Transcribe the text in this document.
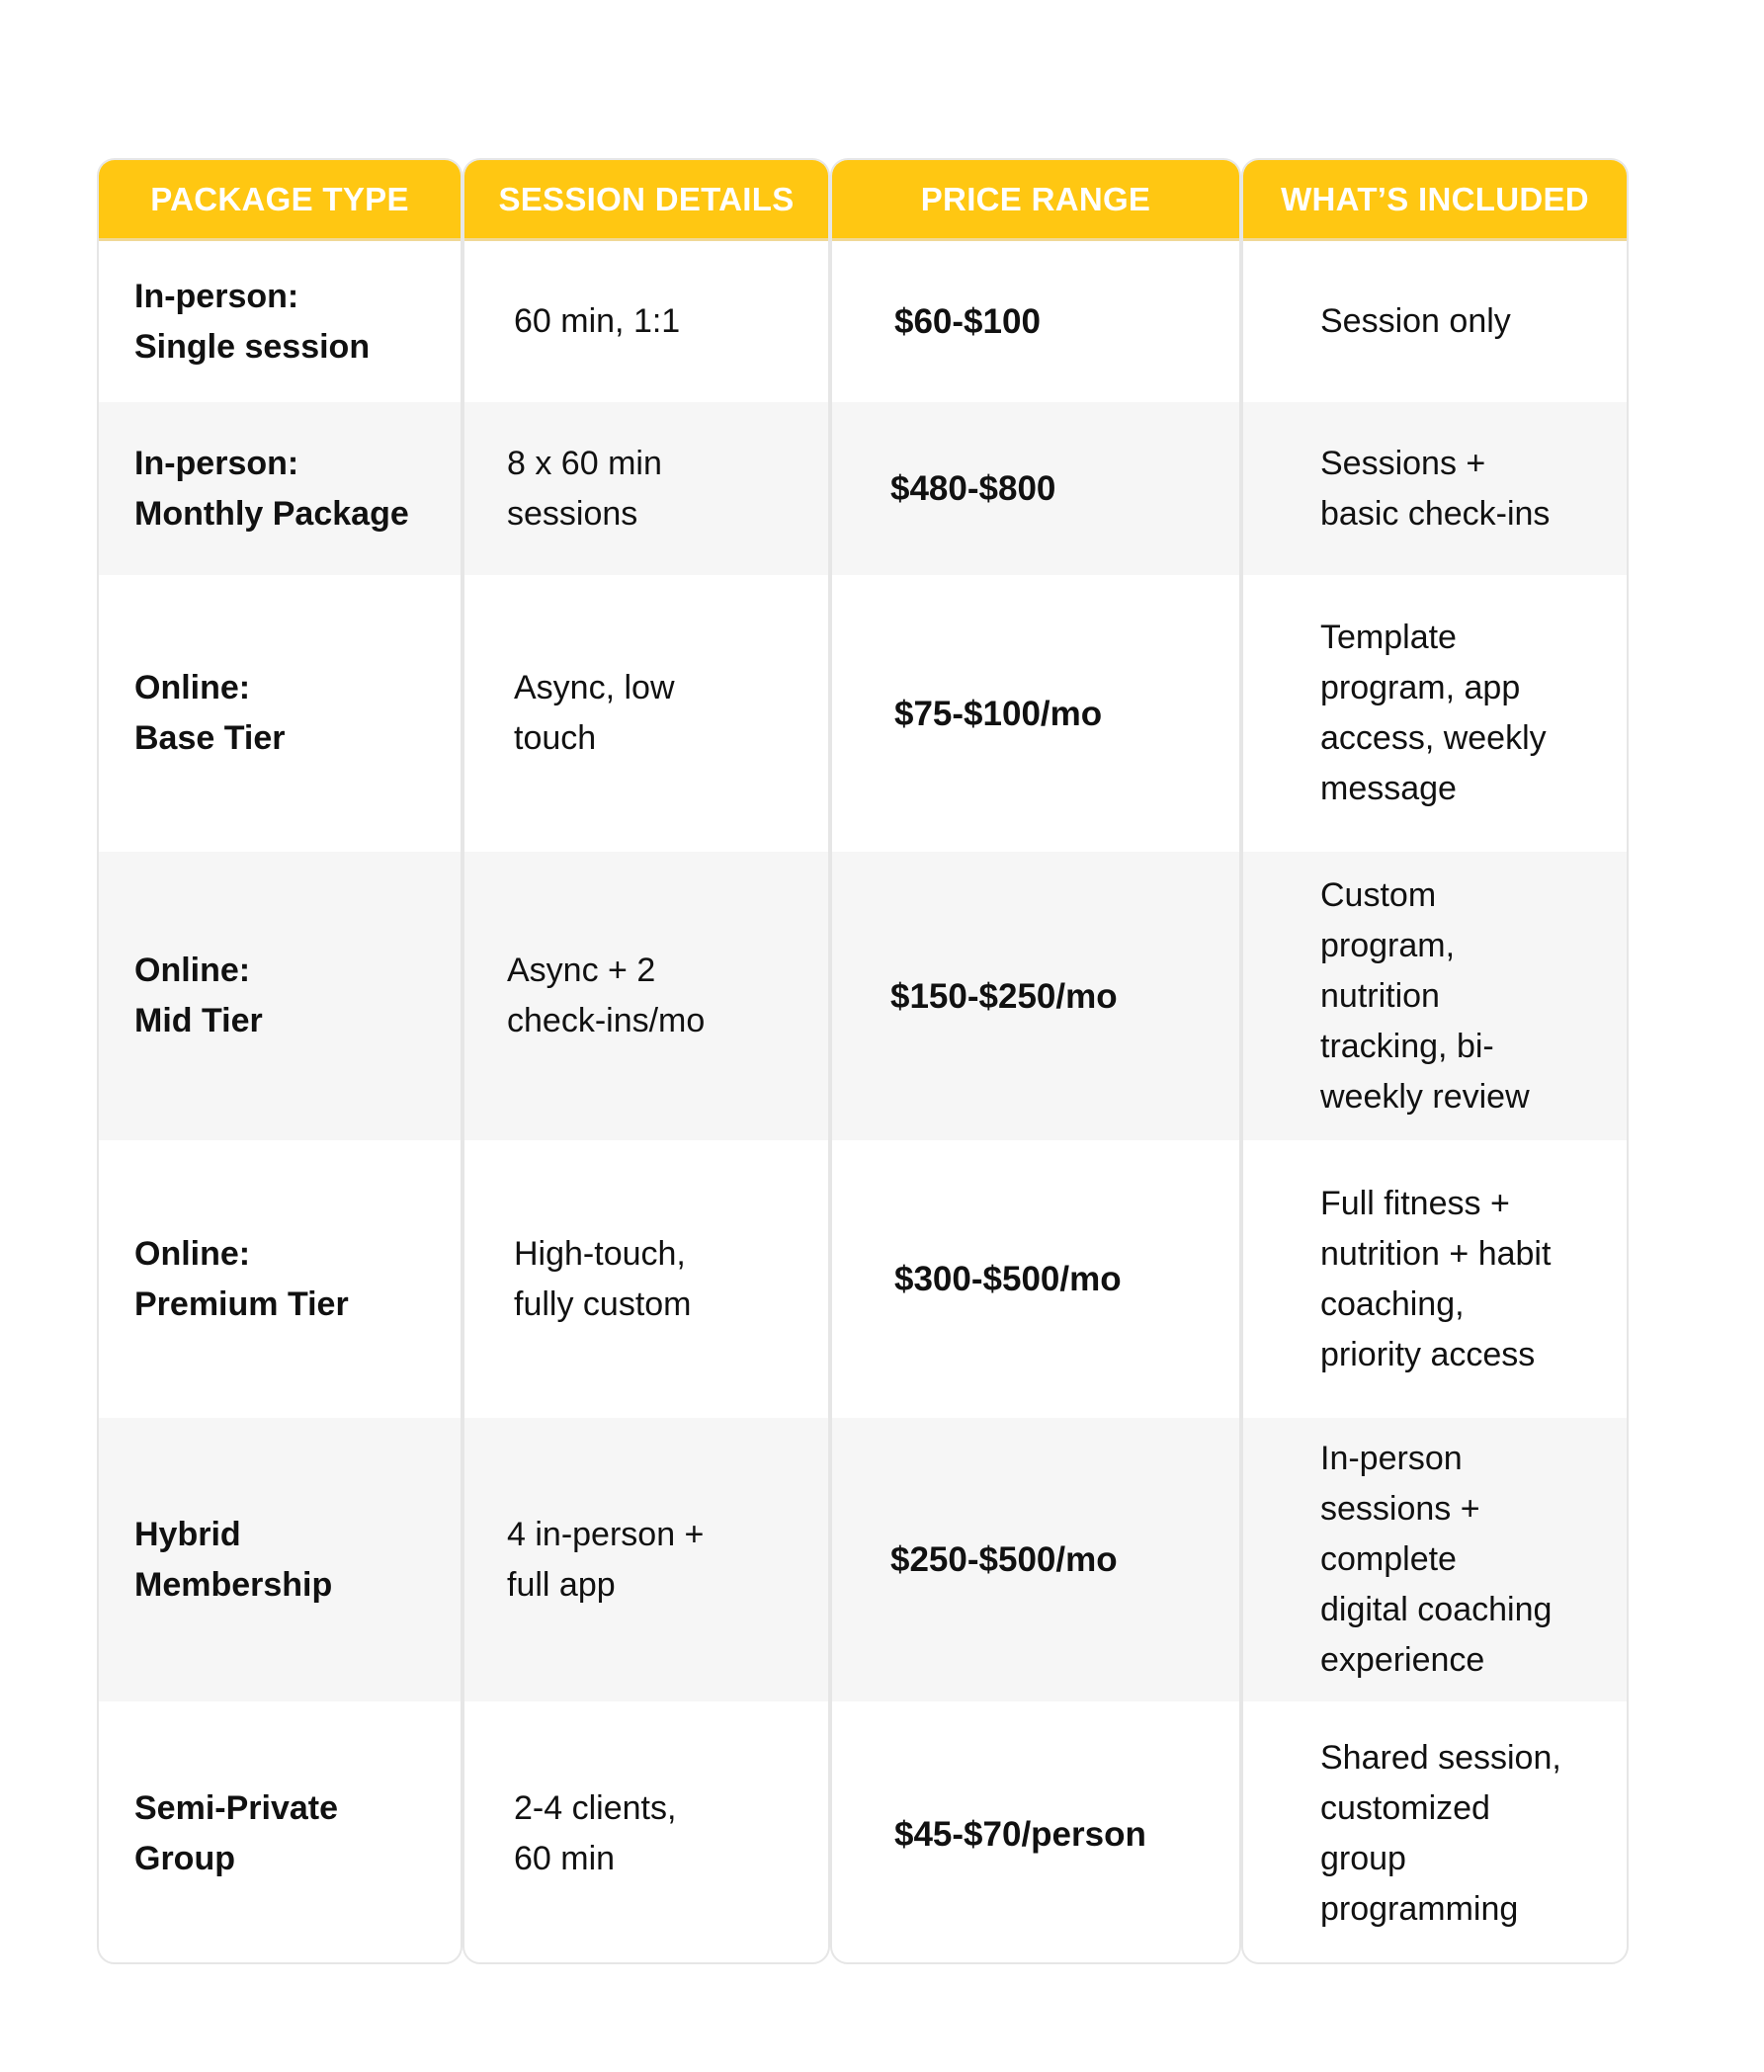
PACKAGE TYPE
In-person:
Single session
In-person:
Monthly Package
Online:
Base Tier
Online:
Mid Tier
Online:
Premium Tier
Hybrid
Membership
Semi-Private
Group
SESSION DETAILS
60 min, 1:1
8 x 60 min
sessions
Async, low
touch
Async + 2
check-ins/mo
High-touch,
fully custom
4 in-person +
full app
2-4 clients,
60 min
PRICE RANGE
$60-$100
$480-$800
$75-$100/mo
$150-$250/mo
$300-$500/mo
$250-$500/mo
$45-$70/person
WHAT’S INCLUDED
Session only
Sessions +
basic check-ins
Template
program, app
access, weekly
message
Custom
program,
nutrition
tracking, bi-
weekly review
Full fitness +
nutrition + habit
coaching,
priority access
In-person
sessions +
complete
digital coaching
experience
Shared session,
customized
group
programming
